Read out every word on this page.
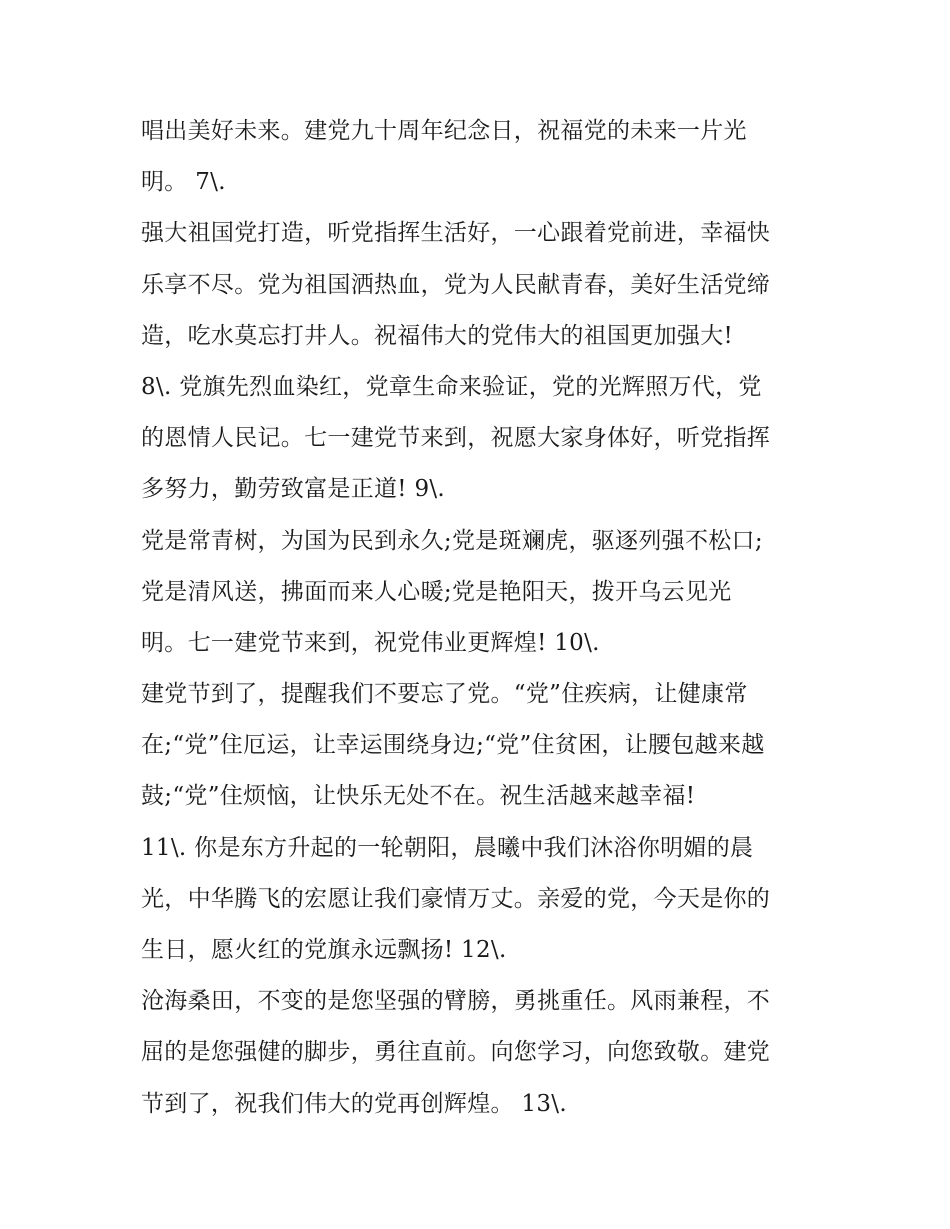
唱出美好未来。建党九十周年纪念日，祝福党的未来一片光
明。 7\.
强大祖国党打造，听党指挥生活好，一心跟着党前进，幸福快
乐享不尽。党为祖国洒热血，党为人民献青春，美好生活党缔
造，吃水莫忘打井人。祝福伟大的党伟大的祖国更加强大!
8\. 党旗先烈血染红，党章生命来验证，党的光辉照万代，党
的恩情人民记。七一建党节来到，祝愿大家身体好，听党指挥
多努力，勤劳致富是正道! 9\.
党是常青树，为国为民到永久;党是斑斓虎，驱逐列强不松口;
党是清风送，拂面而来人心暖;党是艳阳天，拨开乌云见光
明。七一建党节来到，祝党伟业更辉煌! 10\.
建党节到了，提醒我们不要忘了党。“党”住疾病，让健康常
在;“党”住厄运，让幸运围绕身边;“党”住贫困，让腰包越来越
鼓;“党”住烦恼，让快乐无处不在。祝生活越来越幸福!
11\. 你是东方升起的一轮朝阳，晨曦中我们沐浴你明媚的晨
光，中华腾飞的宏愿让我们豪情万丈。亲爱的党，今天是你的
生日，愿火红的党旗永远飘扬! 12\.
沧海桑田，不变的是您坚强的臂膀，勇挑重任。风雨兼程，不
屈的是您强健的脚步，勇往直前。向您学习，向您致敬。建党
节到了，祝我们伟大的党再创辉煌。 13\.
